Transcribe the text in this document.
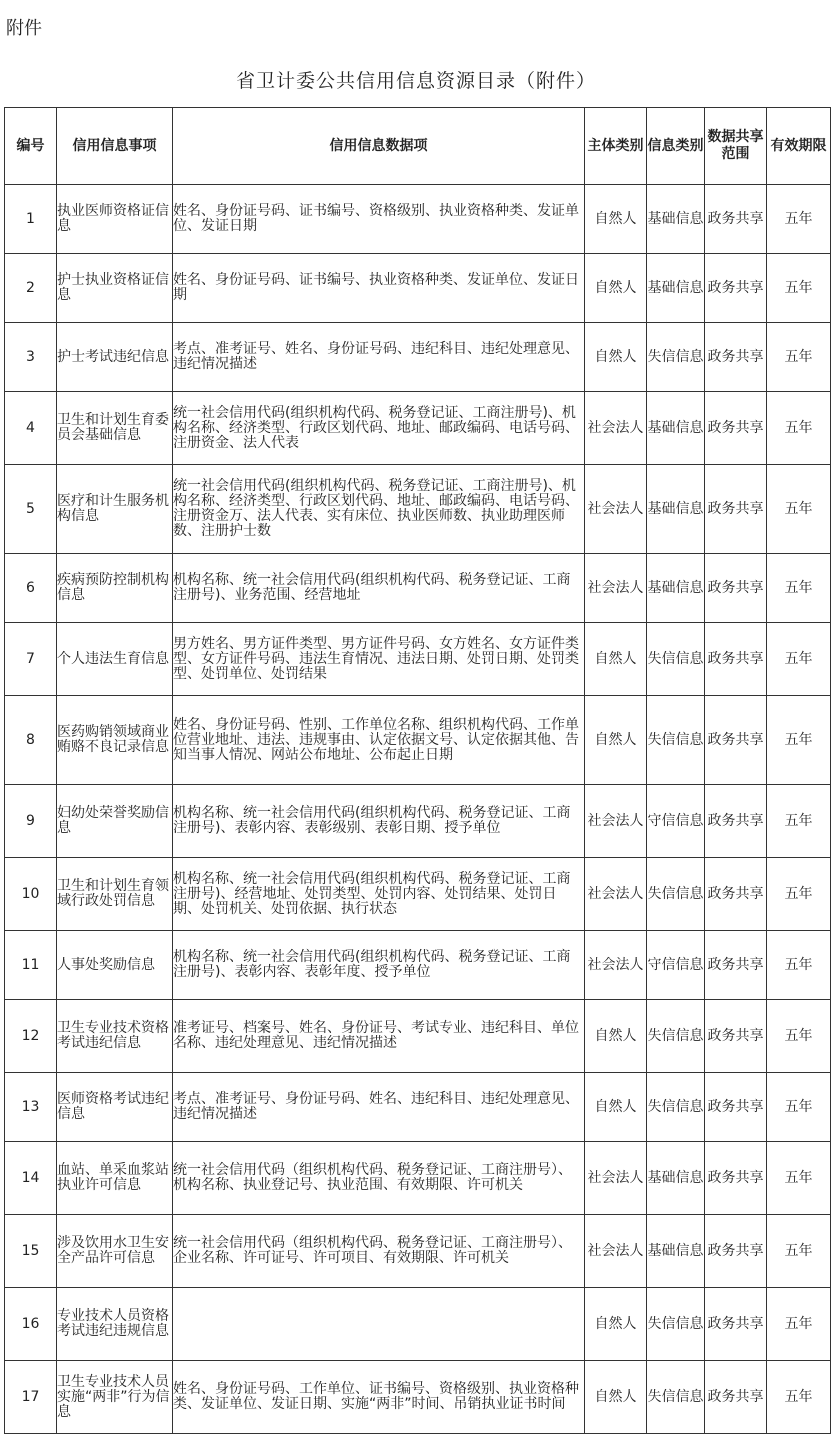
附件
省卫计委公共信用信息资源目录（附件）
编号	信用信息事项	信用信息数据项	主体类别	信息类别	数据共享范围	有效期限
1	执业医师资格证信息	姓名、身份证号码、证书编号、资格级别、执业资格种类、发证单位、发证日期	自然人	基础信息	政务共享	五年
2	护士执业资格证信息	姓名、身份证号码、证书编号、执业资格种类、发证单位、发证日期	自然人	基础信息	政务共享	五年
3	护士考试违纪信息	考点、准考证号、姓名、身份证号码、违纪科目、违纪处理意见、违纪情况描述	自然人	失信信息	政务共享	五年
4	卫生和计划生育委员会基础信息	统一社会信用代码(组织机构代码、税务登记证、工商注册号)、机构名称、经济类型、行政区划代码、地址、邮政编码、电话号码、注册资金、法人代表	社会法人	基础信息	政务共享	五年
5	医疗和计生服务机构信息	统一社会信用代码(组织机构代码、税务登记证、工商注册号)、机构名称、经济类型、行政区划代码、地址、邮政编码、电话号码、注册资金万、法人代表、实有床位、执业医师数、执业助理医师数、注册护士数	社会法人	基础信息	政务共享	五年
6	疾病预防控制机构信息	机构名称、统一社会信用代码(组织机构代码、税务登记证、工商注册号)、业务范围、经营地址	社会法人	基础信息	政务共享	五年
7	个人违法生育信息	男方姓名、男方证件类型、男方证件号码、女方姓名、女方证件类型、女方证件号码、违法生育情况、违法日期、处罚日期、处罚类型、处罚单位、处罚结果	自然人	失信信息	政务共享	五年
8	医药购销领域商业贿赂不良记录信息	姓名、身份证号码、性别、工作单位名称、组织机构代码、工作单位营业地址、违法、违规事由、认定依据文号、认定依据其他、告知当事人情况、网站公布地址、公布起止日期	自然人	失信信息	政务共享	五年
9	妇幼处荣誉奖励信息	机构名称、统一社会信用代码(组织机构代码、税务登记证、工商注册号)、表彰内容、表彰级别、表彰日期、授予单位	社会法人	守信信息	政务共享	五年
10	卫生和计划生育领域行政处罚信息	机构名称、统一社会信用代码(组织机构代码、税务登记证、工商注册号)、经营地址、处罚类型、处罚内容、处罚结果、处罚日期、处罚机关、处罚依据、执行状态	社会法人	失信信息	政务共享	五年
11	人事处奖励信息	机构名称、统一社会信用代码(组织机构代码、税务登记证、工商注册号)、表彰内容、表彰年度、授予单位	社会法人	守信信息	政务共享	五年
12	卫生专业技术资格考试违纪信息	准考证号、档案号、姓名、身份证号、考试专业、违纪科目、单位名称、违纪处理意见、违纪情况描述	自然人	失信信息	政务共享	五年
13	医师资格考试违纪信息	考点、准考证号、身份证号码、姓名、违纪科目、违纪处理意见、违纪情况描述	自然人	失信信息	政务共享	五年
14	血站、单采血浆站执业许可信息	统一社会信用代码（组织机构代码、税务登记证、工商注册号）、机构名称、执业登记号、执业范围、有效期限、许可机关	社会法人	基础信息	政务共享	五年
15	涉及饮用水卫生安全产品许可信息	统一社会信用代码（组织机构代码、税务登记证、工商注册号）、企业名称、许可证号、许可项目、有效期限、许可机关	社会法人	基础信息	政务共享	五年
16	专业技术人员资格考试违纪违规信息		自然人	失信信息	政务共享	五年
17	卫生专业技术人员实施“两非”行为信息	姓名、身份证号码、工作单位、证书编号、资格级别、执业资格种类、发证单位、发证日期、实施“两非”时间、吊销执业证书时间	自然人	失信信息	政务共享	五年
